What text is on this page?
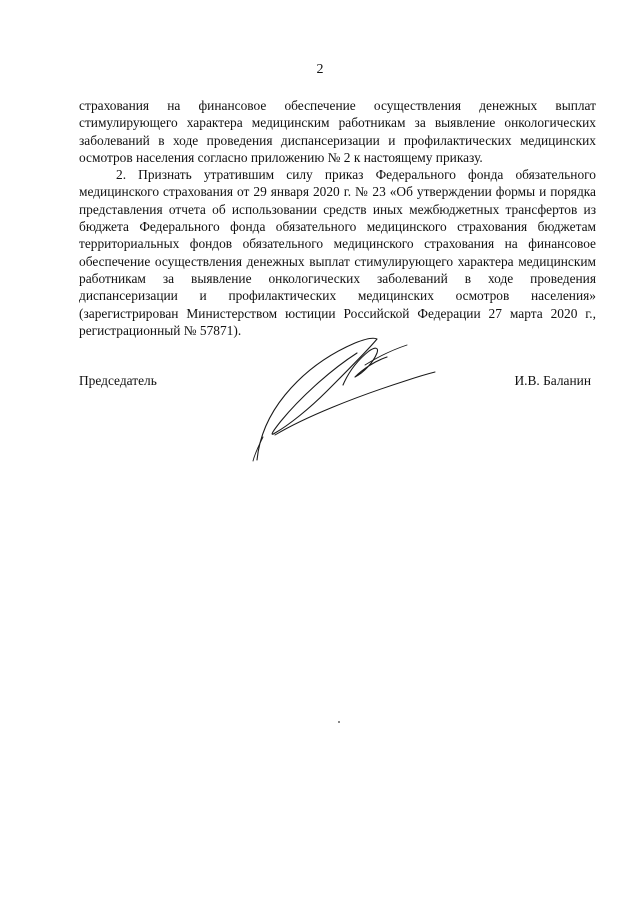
2

страхования на финансовое обеспечение осуществления денежных выплат стимулирующего характера медицинским работникам за выявление онкологических заболеваний в ходе проведения диспансеризации и профилактических медицинских осмотров населения согласно приложению № 2 к настоящему приказу.

2. Признать утратившим силу приказ Федерального фонда обязательного медицинского страхования от 29 января 2020 г. № 23 «Об утверждении формы и порядка представления отчета об использовании средств иных межбюджетных трансфертов из бюджета Федерального фонда обязательного медицинского страхования бюджетам территориальных фондов обязательного медицинского страхования на финансовое обеспечение осуществления денежных выплат стимулирующего характера медицинским работникам за выявление онкологических заболеваний в ходе проведения диспансеризации и профилактических медицинских осмотров населения» (зарегистрирован Министерством юстиции Российской Федерации 27 марта 2020 г., регистрационный № 57871).

Председатель	И.В. Баланин
